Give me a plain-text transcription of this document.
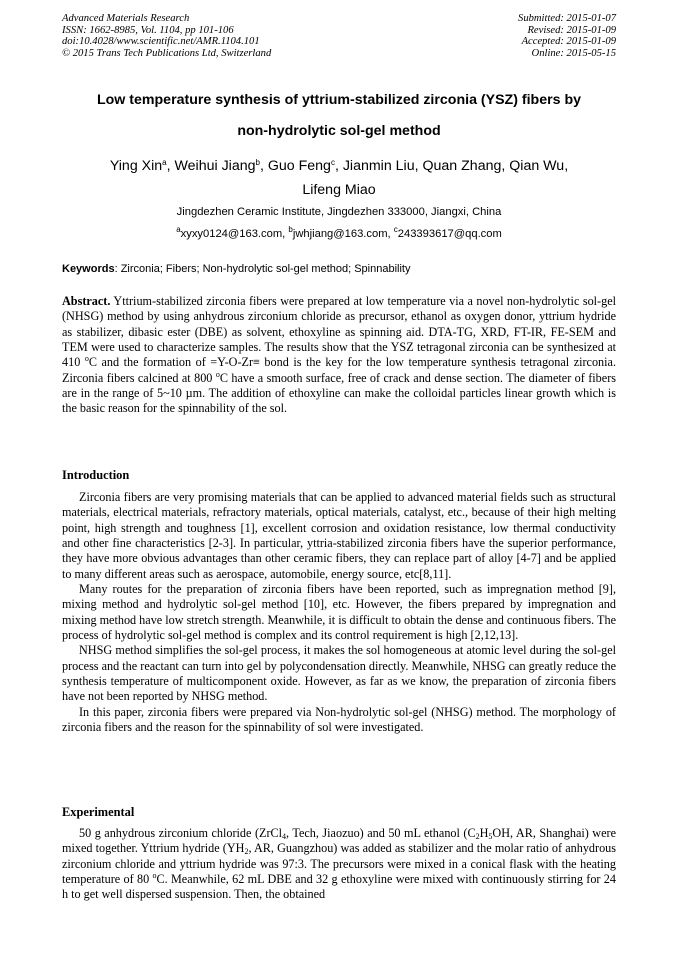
Advanced Materials Research
ISSN: 1662-8985, Vol. 1104, pp 101-106
doi:10.4028/www.scientific.net/AMR.1104.101
© 2015 Trans Tech Publications Ltd, Switzerland
Submitted: 2015-01-07
Revised: 2015-01-09
Accepted: 2015-01-09
Online: 2015-05-15
Low temperature synthesis of yttrium-stabilized zirconia (YSZ) fibers by
non-hydrolytic sol-gel method
Ying Xin$^a$, Weihui Jiang$^b$, Guo Feng$^c$, Jianmin Liu, Quan Zhang, Qian Wu,
Lifeng Miao
Jingdezhen Ceramic Institute, Jingdezhen 333000, Jiangxi, China
$^a$xyxy0124@163.com, $^b$jwhjiang@163.com, $^c$243393617@qq.com
Keywords: Zirconia; Fibers; Non-hydrolytic sol-gel method; Spinnability
Abstract. Yttrium-stabilized zirconia fibers were prepared at low temperature via a novel non-hydrolytic sol-gel (NHSG) method by using anhydrous zirconium chloride as precursor, ethanol as oxygen donor, yttrium hydride as stabilizer, dibasic ester (DBE) as solvent, ethoxyline as spinning aid. DTA-TG, XRD, FT-IR, FE-SEM and TEM were used to characterize samples. The results show that the YSZ tetragonal zirconia can be synthesized at 410 $^o$C and the formation of =Y-O-Zr≡ bond is the key for the low temperature synthesis tetragonal zirconia. Zirconia fibers calcined at 800 $^o$C have a smooth surface, free of crack and dense section. The diameter of fibers are in the range of 5~10 µm. The addition of ethoxyline can make the colloidal particles linear growth which is the basic reason for the spinnability of the sol.
Introduction

Zirconia fibers are very promising materials that can be applied to advanced material fields such as structural materials, electrical materials, refractory materials, optical materials, catalyst, etc., because of their high melting point, high strength and toughness [1], excellent corrosion and oxidation resistance, low thermal conductivity and other fine characteristics [2-3]. In particular, yttria-stabilized zirconia fibers have the superior performance, they have more obvious advantages than other ceramic fibers, they can replace part of alloy [4-7] and be applied to many different areas such as aerospace, automobile, energy source, etc[8,11].

Many routes for the preparation of zirconia fibers have been reported, such as impregnation method [9], mixing method and hydrolytic sol-gel method [10], etc. However, the fibers prepared by impregnation and mixing method have low stretch strength. Meanwhile, it is difficult to obtain the dense and continuous fibers. The process of hydrolytic sol-gel method is complex and its control requirement is high [2,12,13].

NHSG method simplifies the sol-gel process, it makes the sol homogeneous at atomic level during the sol-gel process and the reactant can turn into gel by polycondensation directly. Meanwhile, NHSG can greatly reduce the synthesis temperature of multicomponent oxide. However, as far as we know, the preparation of zirconia fibers have not been reported by NHSG method.

In this paper, zirconia fibers were prepared via Non-hydrolytic sol-gel (NHSG) method. The morphology of zirconia fibers and the reason for the spinnability of sol were investigated.

Experimental

50 g anhydrous zirconium chloride (ZrCl$_4$, Tech, Jiaozuo) and 50 mL ethanol ($C_2H_5OH$, AR, Shanghai) were mixed together. Yttrium hydride ($YH_2$, AR, Guangzhou) was added as stabilizer and the molar ratio of anhydrous zirconium chloride and yttrium hydride was 97:3. The precursors were mixed in a conical flask with the heating temperature of 80 $^o$C. Meanwhile, 62 mL DBE and 32 g ethoxyline were mixed with continuously stirring for 24 h to get well dispersed suspension. Then, the obtained
